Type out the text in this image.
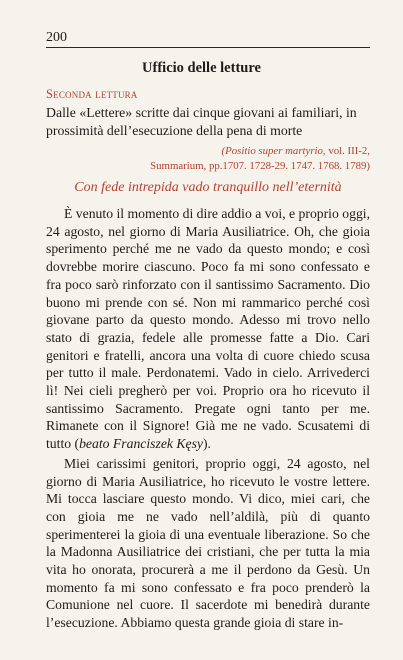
200
Ufficio delle letture
Seconda lettura
Dalle «Lettere» scritte dai cinque giovani ai familiari, in prossimità dell’esecuzione della pena di morte
(Positio super martyrio, vol. III-2,
Summarium, pp.1707. 1728-29. 1747. 1768. 1789)
Con fede intrepida vado tranquillo nell’eternità

È venuto il momento di dire addio a voi, e proprio oggi, 24 agosto, nel giorno di Maria Ausiliatrice. Oh, che gioia sperimento perché me ne vado da questo mondo; e così dovrebbe morire ciascuno. Poco fa mi sono confessato e fra poco sarò rinforzato con il santissimo Sacramento. Dio buono mi prende con sé. Non mi rammarico perché così giovane parto da questo mondo. Adesso mi trovo nello stato di grazia, fedele alle promesse fatte a Dio. Cari genitori e fratelli, ancora una volta di cuore chiedo scusa per tutto il male. Perdonatemi. Vado in cielo. Arrivederci lì! Nei cieli pregherò per voi. Proprio ora ho ricevuto il santissimo Sacramento. Pregate ogni tanto per me. Rimanete con il Signore! Già me ne vado. Scusatemi di tutto (beato Franciszek Kęsy).

Miei carissimi genitori, proprio oggi, 24 agosto, nel giorno di Maria Ausiliatrice, ho ricevuto le vostre lettere. Mi tocca lasciare questo mondo. Vi dico, miei cari, che con gioia me ne vado nell’aldilà, più di quanto sperimenterei la gioia di una eventuale liberazione. So che la Madonna Ausiliatrice dei cristiani, che per tutta la mia vita ho onorata, procurerà a me il perdono da Gesù. Un momento fa mi sono confessato e fra poco prenderò la Comunione nel cuore. Il sacerdote mi benedirà durante l’esecuzione. Abbiamo questa grande gioia di stare in-
